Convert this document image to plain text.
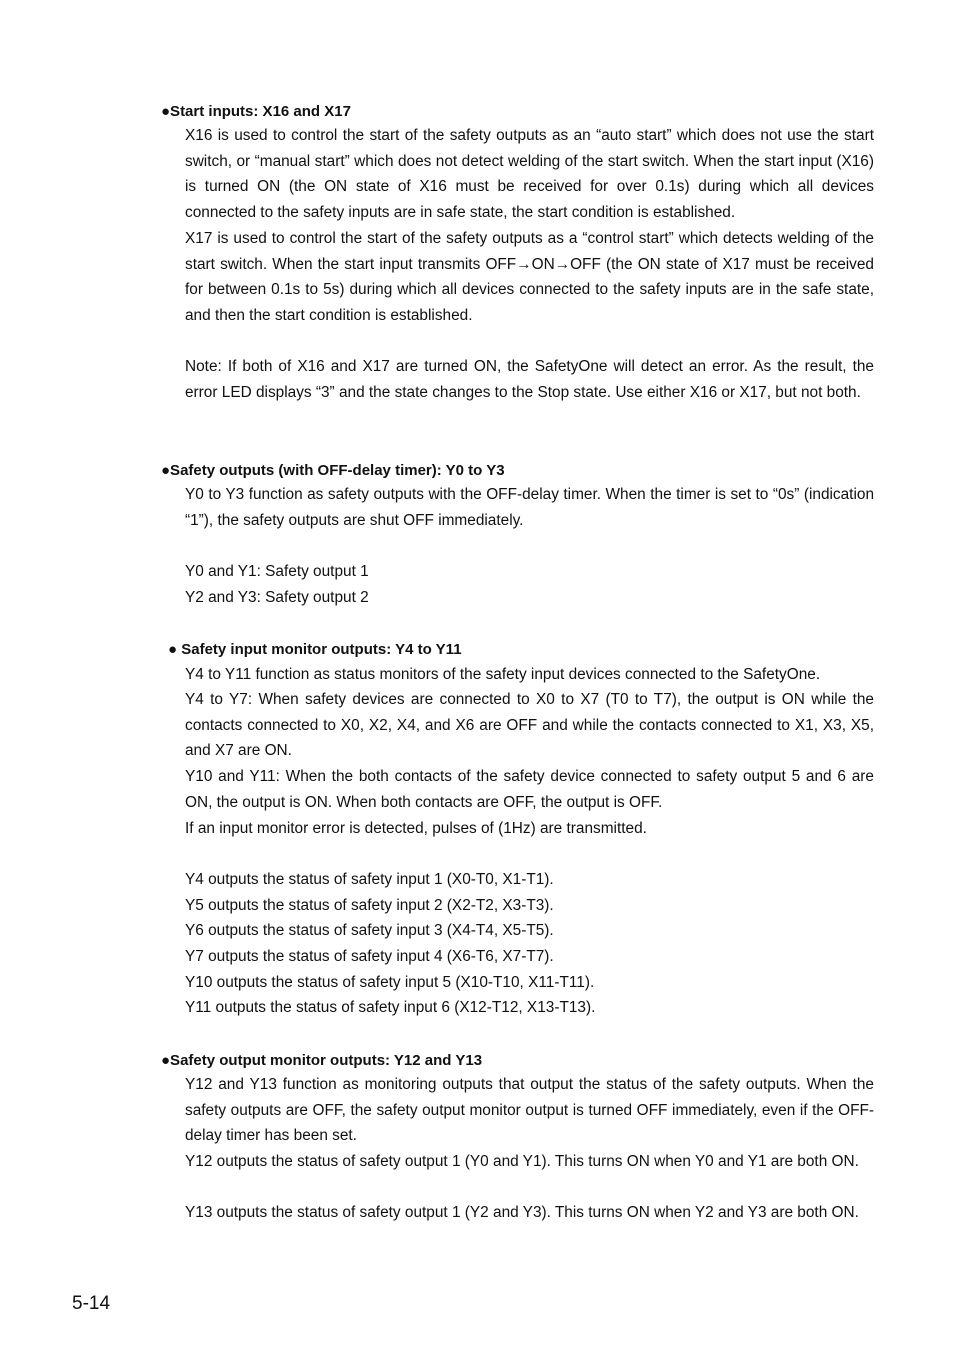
●Start inputs: X16 and X17

X16 is used to control the start of the safety outputs as an “auto start” which does not use the start switch, or “manual start” which does not detect welding of the start switch. When the start input (X16) is turned ON (the ON state of X16 must be received for over 0.1s) during which all devices connected to the safety inputs are in safe state, the start condition is established.

X17 is used to control the start of the safety outputs as a “control start” which detects welding of the start switch. When the start input transmits OFF→ON→OFF (the ON state of X17 must be received for between 0.1s to 5s) during which all devices connected to the safety inputs are in the safe state, and then the start condition is established.

Note: If both of X16 and X17 are turned ON, the SafetyOne will detect an error. As the result, the error LED displays “3” and the state changes to the Stop state. Use either X16 or X17, but not both.

●Safety outputs (with OFF-delay timer): Y0 to Y3

Y0 to Y3 function as safety outputs with the OFF-delay timer. When the timer is set to “0s” (indication “1”), the safety outputs are shut OFF immediately.

Y0 and Y1: Safety output 1
Y2 and Y3: Safety output 2
● Safety input monitor outputs: Y4 to Y11

Y4 to Y11 function as status monitors of the safety input devices connected to the SafetyOne.

Y4 to Y7: When safety devices are connected to X0 to X7 (T0 to T7), the output is ON while the contacts connected to X0, X2, X4, and X6 are OFF and while the contacts connected to X1, X3, X5, and X7 are ON.

Y10 and Y11: When the both contacts of the safety device connected to safety output 5 and 6 are ON, the output is ON. When both contacts are OFF, the output is OFF.

If an input monitor error is detected, pulses of (1Hz) are transmitted.

Y4 outputs the status of safety input 1 (X0-T0, X1-T1).
Y5 outputs the status of safety input 2 (X2-T2, X3-T3).
Y6 outputs the status of safety input 3 (X4-T4, X5-T5).
Y7 outputs the status of safety input 4 (X6-T6, X7-T7).
Y10 outputs the status of safety input 5 (X10-T10, X11-T11).
Y11 outputs the status of safety input 6 (X12-T12, X13-T13).
●Safety output monitor outputs: Y12 and Y13

Y12 and Y13 function as monitoring outputs that output the status of the safety outputs. When the safety outputs are OFF, the safety output monitor output is turned OFF immediately, even if the OFF-delay timer has been set.

Y12 outputs the status of safety output 1 (Y0 and Y1). This turns ON when Y0 and Y1 are both ON.

Y13 outputs the status of safety output 1 (Y2 and Y3). This turns ON when Y2 and Y3 are both ON.

5-14
